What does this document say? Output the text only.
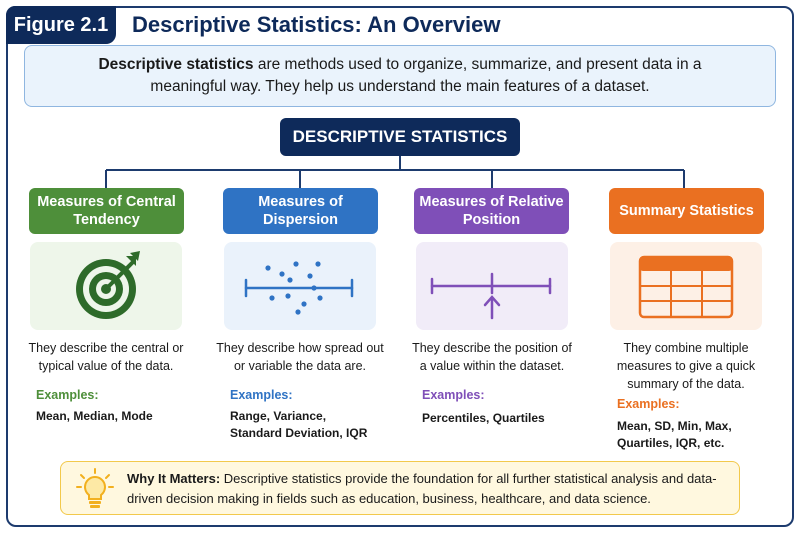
Figure 2.1	Descriptive Statistics: An Overview

Descriptive statistics are methods used to organize, summarize, and present data in a meaningful way. They help us understand the main features of a dataset.

DESCRIPTIVE STATISTICS
Measures of Central Tendency
They describe the central or typical value of the data.
Examples:
Mean, Median, Mode
Measures of Dispersion
They describe how spread out or variable the data are.
Examples:
Range, Variance, Standard Deviation, IQR
Measures of Relative Position
They describe the position of a value within the dataset.
Examples:
Percentiles, Quartiles
Summary Statistics
They combine multiple measures to give a quick summary of the data.
Examples:
Mean, SD, Min, Max, Quartiles, IQR, etc.
Why It Matters: Descriptive statistics provide the foundation for all further statistical analysis and data-driven decision making in fields such as education, business, healthcare, and data science.
